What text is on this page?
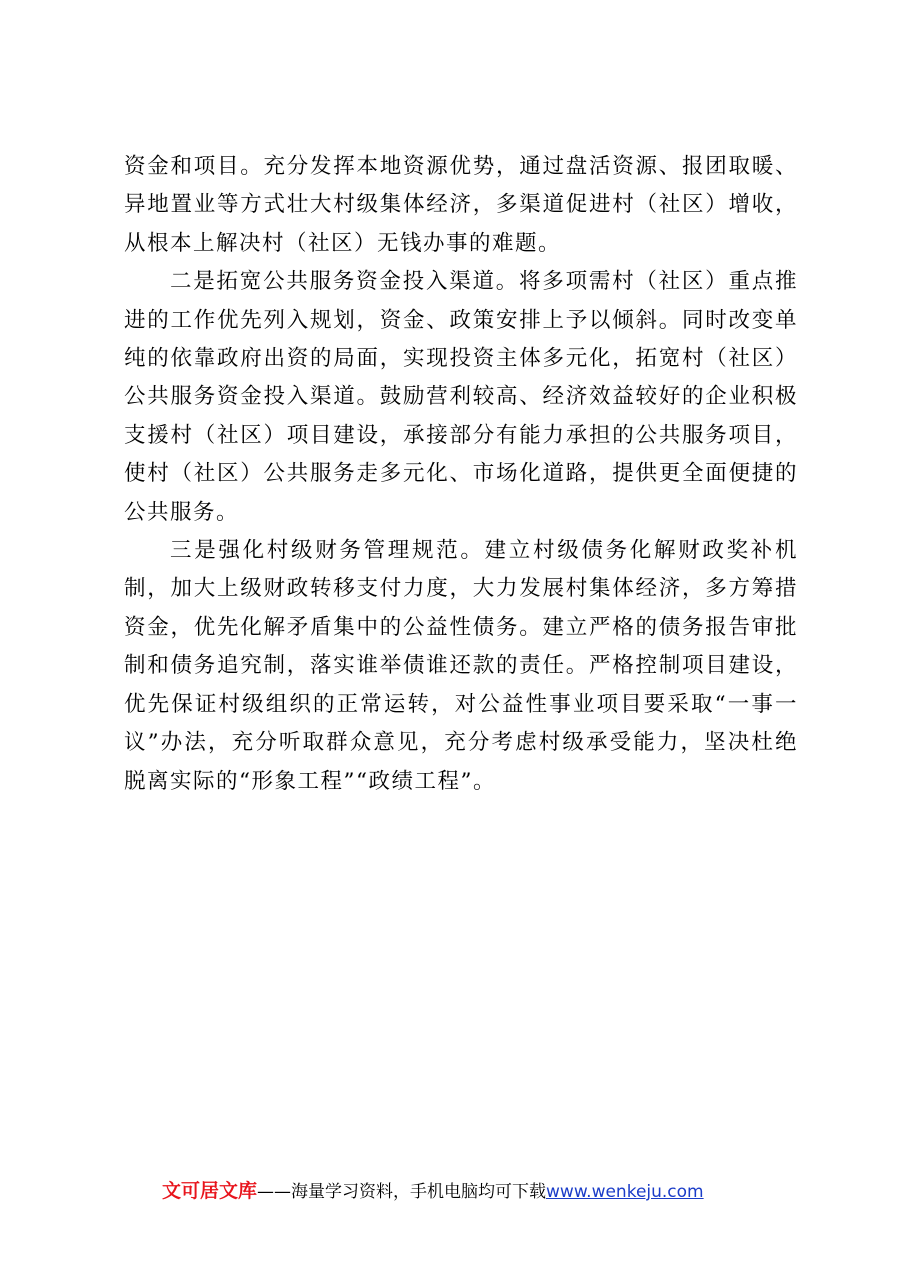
资金和项目。充分发挥本地资源优势，通过盘活资源、报团取暖、异地置业等方式壮大村级集体经济，多渠道促进村（社区）增收，从根本上解决村（社区）无钱办事的难题。

二是拓宽公共服务资金投入渠道。将多项需村（社区）重点推进的工作优先列入规划，资金、政策安排上予以倾斜。同时改变单纯的依靠政府出资的局面，实现投资主体多元化，拓宽村（社区）公共服务资金投入渠道。鼓励营利较高、经济效益较好的企业积极支援村（社区）项目建设，承接部分有能力承担的公共服务项目，使村（社区）公共服务走多元化、市场化道路，提供更全面便捷的公共服务。

三是强化村级财务管理规范。建立村级债务化解财政奖补机制，加大上级财政转移支付力度，大力发展村集体经济，多方筹措资金，优先化解矛盾集中的公益性债务。建立严格的债务报告审批制和债务追究制，落实谁举债谁还款的责任。严格控制项目建设，优先保证村级组织的正常运转，对公益性事业项目要采取“一事一议”办法，充分听取群众意见，充分考虑村级承受能力，坚决杜绝脱离实际的“形象工程”“政绩工程”。

文可居文库——海量学习资料，手机电脑均可下载www.wenkeju.com
